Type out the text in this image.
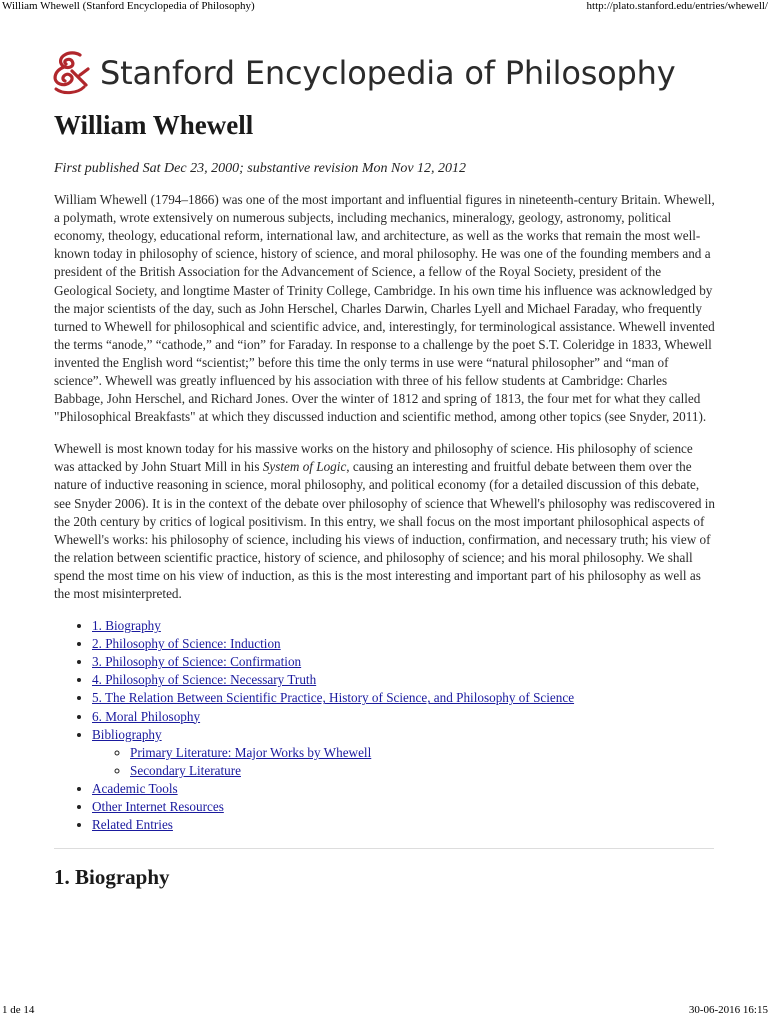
William Whewell (Stanford Encyclopedia of Philosophy)	http://plato.stanford.edu/entries/whewell/
Stanford Encyclopedia of Philosophy
William Whewell
First published Sat Dec 23, 2000; substantive revision Mon Nov 12, 2012

William Whewell (1794–1866) was one of the most important and influential figures in nineteenth-century Britain. Whewell, a polymath, wrote extensively on numerous subjects, including mechanics, mineralogy, geology, astronomy, political economy, theology, educational reform, international law, and architecture, as well as the works that remain the most well-known today in philosophy of science, history of science, and moral philosophy. He was one of the founding members and a president of the British Association for the Advancement of Science, a fellow of the Royal Society, president of the Geological Society, and longtime Master of Trinity College, Cambridge. In his own time his influence was acknowledged by the major scientists of the day, such as John Herschel, Charles Darwin, Charles Lyell and Michael Faraday, who frequently turned to Whewell for philosophical and scientific advice, and, interestingly, for terminological assistance. Whewell invented the terms “anode,” “cathode,” and “ion” for Faraday. In response to a challenge by the poet S.T. Coleridge in 1833, Whewell invented the English word “scientist;” before this time the only terms in use were “natural philosopher” and “man of science”. Whewell was greatly influenced by his association with three of his fellow students at Cambridge: Charles Babbage, John Herschel, and Richard Jones. Over the winter of 1812 and spring of 1813, the four met for what they called "Philosophical Breakfasts" at which they discussed induction and scientific method, among other topics (see Snyder, 2011).

Whewell is most known today for his massive works on the history and philosophy of science. His philosophy of science was attacked by John Stuart Mill in his System of Logic, causing an interesting and fruitful debate between them over the nature of inductive reasoning in science, moral philosophy, and political economy (for a detailed discussion of this debate, see Snyder 2006). It is in the context of the debate over philosophy of science that Whewell's philosophy was rediscovered in the 20th century by critics of logical positivism. In this entry, we shall focus on the most important philosophical aspects of Whewell's works: his philosophy of science, including his views of induction, confirmation, and necessary truth; his view of the relation between scientific practice, history of science, and philosophy of science; and his moral philosophy. We shall spend the most time on his view of induction, as this is the most interesting and important part of his philosophy as well as the most misinterpreted.

• 1. Biography
• 2. Philosophy of Science: Induction
• 3. Philosophy of Science: Confirmation
• 4. Philosophy of Science: Necessary Truth
• 5. The Relation Between Scientific Practice, History of Science, and Philosophy of Science
• 6. Moral Philosophy
• Bibliography
◦ Primary Literature: Major Works by Whewell
◦ Secondary Literature
• Academic Tools
• Other Internet Resources
• Related Entries
1. Biography
1 de 14	30-06-2016 16:15
